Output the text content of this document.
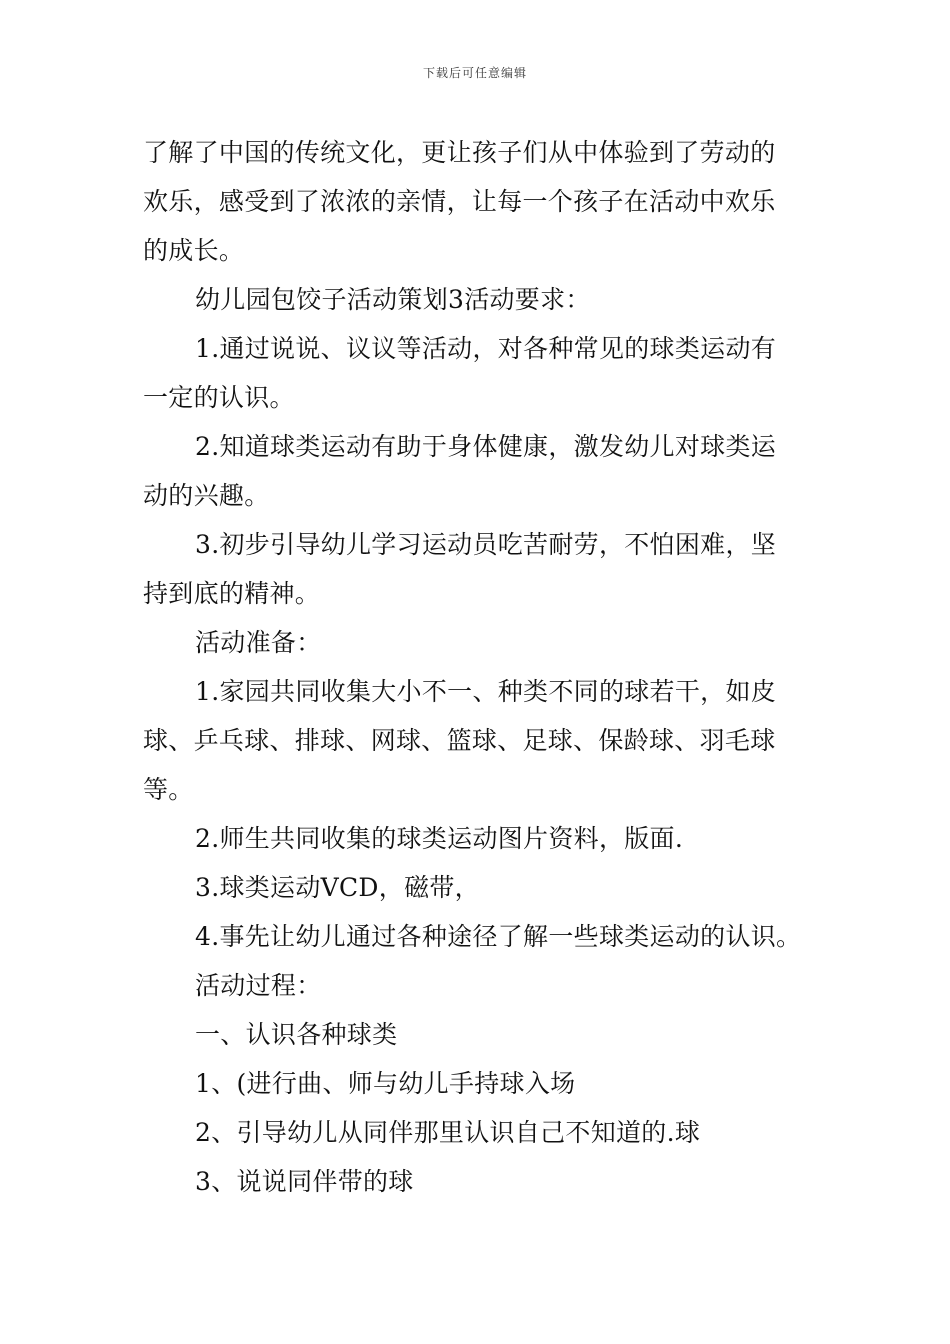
下载后可任意编辑
了解了中国的传统文化，更让孩子们从中体验到了劳动的
欢乐，感受到了浓浓的亲情，让每一个孩子在活动中欢乐
的成长。
幼儿园包饺子活动策划3活动要求：
1.通过说说、议议等活动，对各种常见的球类运动有
一定的认识。
2.知道球类运动有助于身体健康，激发幼儿对球类运
动的兴趣。
3.初步引导幼儿学习运动员吃苦耐劳，不怕困难，坚
持到底的精神。
活动准备：
1.家园共同收集大小不一、种类不同的球若干，如皮
球、乒乓球、排球、网球、篮球、足球、保龄球、羽毛球
等。
2.师生共同收集的球类运动图片资料，版面.
3.球类运动VCD，磁带，
4.事先让幼儿通过各种途径了解一些球类运动的认识。
活动过程：
一、认识各种球类
1、(进行曲、师与幼儿手持球入场
2、引导幼儿从同伴那里认识自己不知道的.球
3、说说同伴带的球
